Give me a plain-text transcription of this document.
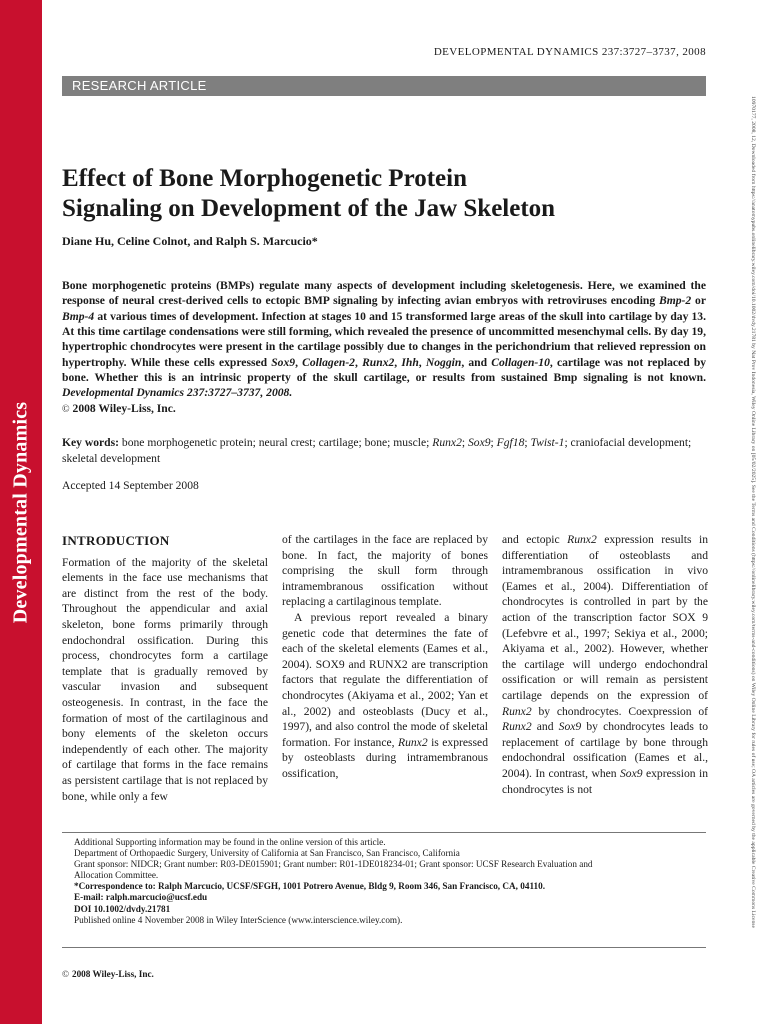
Developmental Dynamics	10970177, 2008, 12, Downloaded from https://anatomypubs.onlinelibrary.wiley.com/doi/10.1002/dvdy.21781 by Nat Prov Indonesia, Wiley Online Library on [05/02/2025]. See the Terms and Conditions (https://onlinelibrary.wiley.com/terms-and-conditions) on Wiley Online Library for rules of use; OA articles are governed by the applicable Creative Commons License
DEVELOPMENTAL DYNAMICS 237:3727–3737, 2008
RESEARCH ARTICLE
Effect of Bone Morphogenetic Protein
Signaling on Development of the Jaw Skeleton
Diane Hu, Celine Colnot, and Ralph S. Marcucio*

Bone morphogenetic proteins (BMPs) regulate many aspects of development including skeletogenesis. Here, we examined the response of neural crest-derived cells to ectopic BMP signaling by infecting avian embryos with retroviruses encoding Bmp-2 or Bmp-4 at various times of development. Infection at stages 10 and 15 transformed large areas of the skull into cartilage by day 13. At this time cartilage condensations were still forming, which revealed the presence of uncommitted mesenchymal cells. By day 19, hypertrophic chondrocytes were present in the cartilage possibly due to changes in the perichondrium that relieved repression on hypertrophy. While these cells expressed Sox9, Collagen-2, Runx2, Ihh, Noggin, and Collagen-10, cartilage was not replaced by bone. Whether this is an intrinsic property of the skull cartilage, or results from sustained Bmp signaling is not known. Developmental Dynamics 237:3727–3737, 2008.
© 2008 Wiley-Liss, Inc.

Key words: bone morphogenetic protein; neural crest; cartilage; bone; muscle; Runx2; Sox9; Fgf18; Twist-1; craniofacial development; skeletal development

Accepted 14 September 2008
INTRODUCTION

Formation of the majority of the skeletal elements in the face use mechanisms that are distinct from the rest of the body. Throughout the appendicular and axial skeleton, bone forms primarily through endochondral ossification. During this process, chondrocytes form a cartilage template that is gradually removed by vascular invasion and subsequent osteogenesis. In contrast, in the face the formation of most of the cartilaginous and bony elements of the skeleton occurs independently of each other. The majority of cartilage that forms in the face remains as persistent cartilage that is not replaced by bone, while only a few

of the cartilages in the face are replaced by bone. In fact, the majority of bones comprising the skull form through intramembranous ossification without replacing a cartilaginous template.

A previous report revealed a binary genetic code that determines the fate of each of the skeletal elements (Eames et al., 2004). SOX9 and RUNX2 are transcription factors that regulate the differentiation of chondrocytes (Akiyama et al., 2002; Yan et al., 2002) and osteoblasts (Ducy et al., 1997), and also control the mode of skeletal formation. For instance, Runx2 is expressed by osteoblasts during intramembranous ossification,

and ectopic Runx2 expression results in differentiation of osteoblasts and intramembranous ossification in vivo (Eames et al., 2004). Differentiation of chondrocytes is controlled in part by the action of the transcription factor SOX 9 (Lefebvre et al., 1997; Sekiya et al., 2000; Akiyama et al., 2002). However, whether the cartilage will undergo endochondral ossification or will remain as persistent cartilage depends on the expression of Runx2 by chondrocytes. Coexpression of Runx2 and Sox9 by chondrocytes leads to replacement of cartilage by bone through endochondral ossification (Eames et al., 2004). In contrast, when Sox9 expression in chondrocytes is not

Additional Supporting information may be found in the online version of this article.
Department of Orthopaedic Surgery, University of California at San Francisco, San Francisco, California
Grant sponsor: NIDCR; Grant number: R03-DE015901; Grant number: R01-1DE018234-01; Grant sponsor: UCSF Research Evaluation and
Allocation Committee.
*Correspondence to: Ralph Marcucio, UCSF/SFGH, 1001 Potrero Avenue, Bldg 9, Room 346, San Francisco, CA, 04110.
E-mail: ralph.marcucio@ucsf.edu
DOI 10.1002/dvdy.21781
Published online 4 November 2008 in Wiley InterScience (www.interscience.wiley.com).
© 2008 Wiley-Liss, Inc.
